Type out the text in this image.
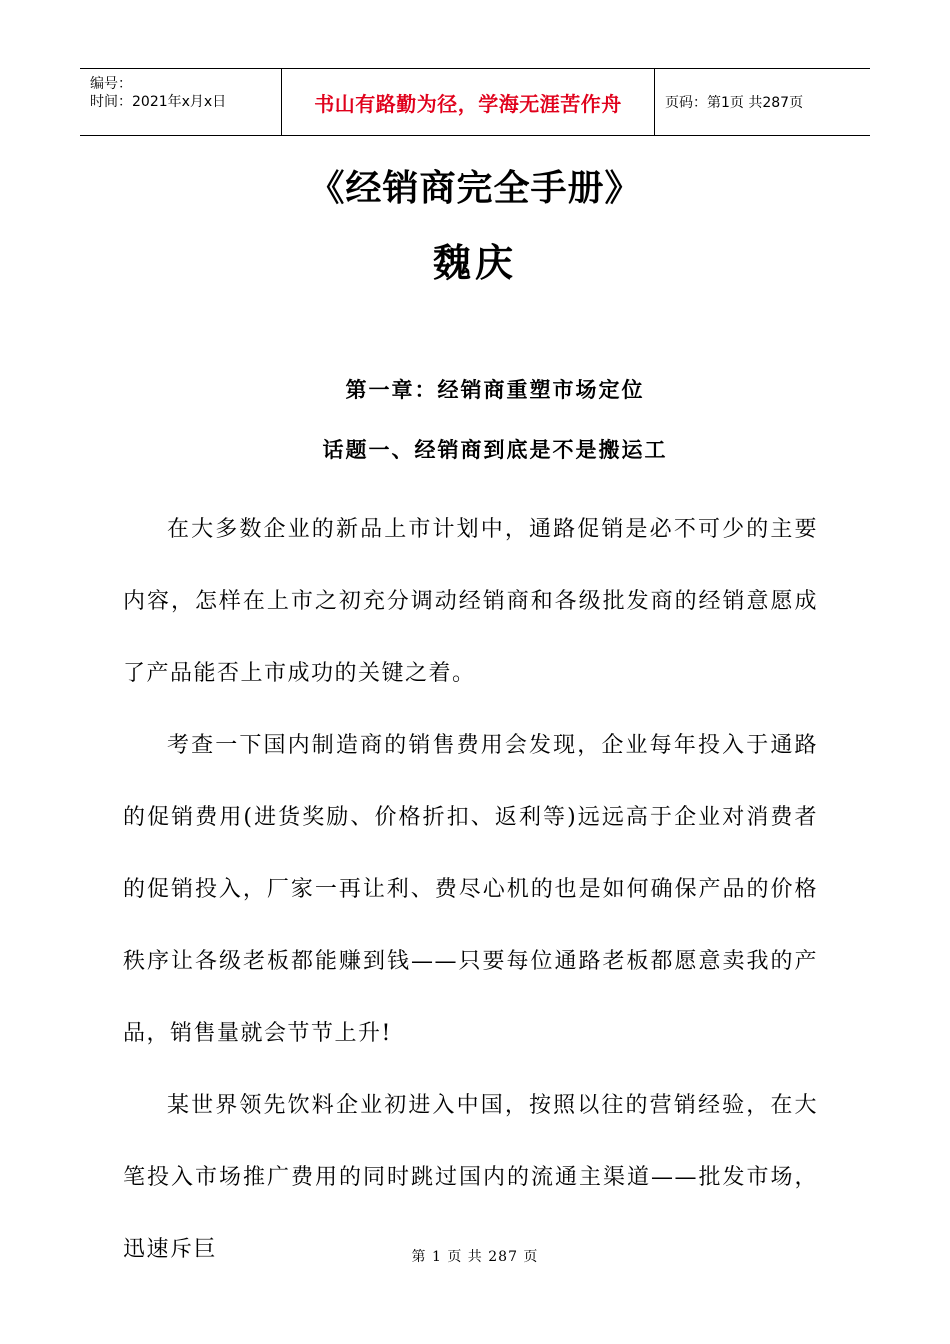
编号：
时间：2021年x月x日	书山有路勤为径，学海无涯苦作舟	页码：第1页 共287页
《经销商完全手册》
魏庆
第一章：经销商重塑市场定位
话题一、经销商到底是不是搬运工

在大多数企业的新品上市计划中，通路促销是必不可少的主要内容，怎样在上市之初充分调动经销商和各级批发商的经销意愿成了产品能否上市成功的关键之着。

考查一下国内制造商的销售费用会发现，企业每年投入于通路的促销费用(进货奖励、价格折扣、返利等)远远高于企业对消费者的促销投入，厂家一再让利、费尽心机的也是如何确保产品的价格秩序让各级老板都能赚到钱——只要每位通路老板都愿意卖我的产品，销售量就会节节上升!

某世界领先饮料企业初进入中国，按照以往的营销经验，在大笔投入市场推广费用的同时跳过国内的流通主渠道——批发市场，迅速斥巨	第 1 页 共 287 页
